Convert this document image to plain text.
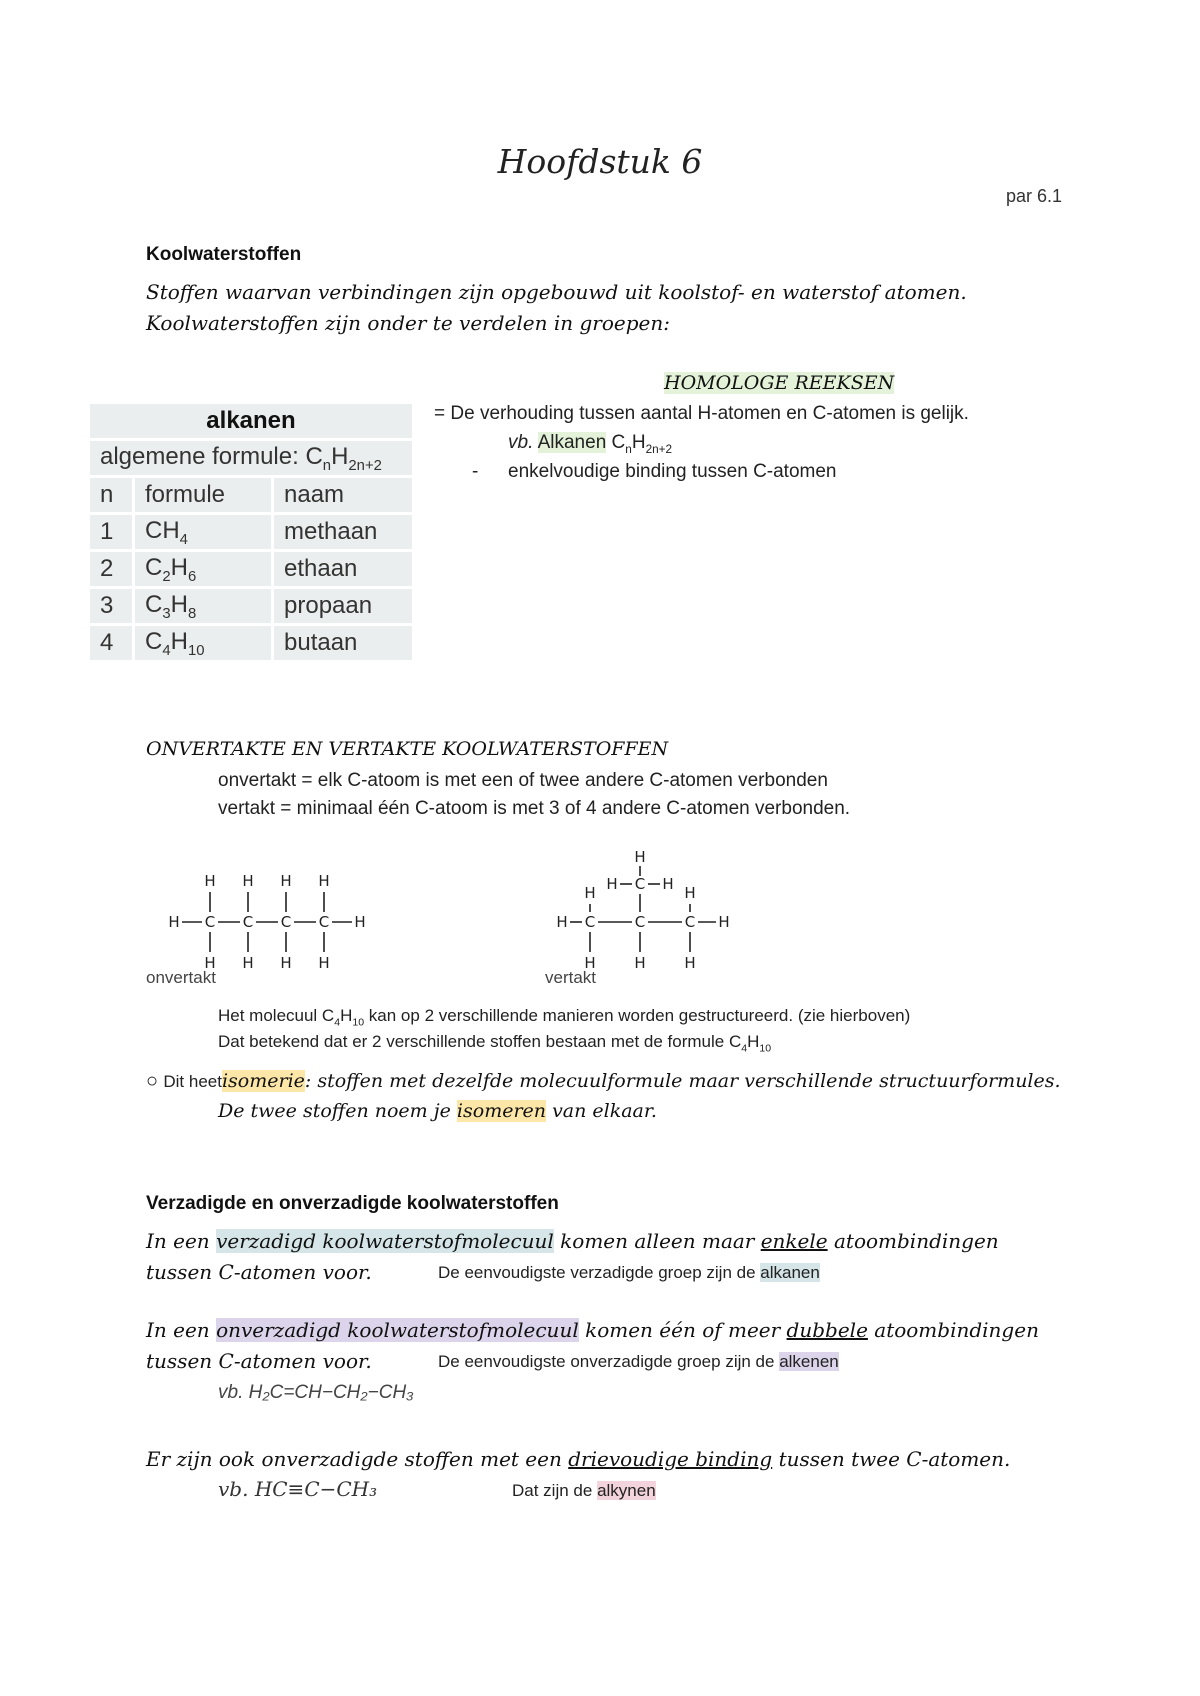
Hoofdstuk 6
par 6.1
Koolwaterstoffen
Stoffen waarvan verbindingen zijn opgebouwd uit koolstof- en waterstof atomen.
Koolwaterstoffen zijn onder te verdelen in groepen:
HOMOLOGE REEKSEN
= De verhouding tussen aantal H-atomen en C-atomen is gelijk.
vb. Alkanen $C_nH_{2n+2}$
- enkelvoudige binding tussen C-atomen
alkanen		
algemene formule: $C_nH_{2n+2}$
n	formule	naam
1	$CH_4$	methaan
2	$C_2H_6$	ethaan
3	$C_3H_8$	propaan
4	$C_4H_{10}$	butaan
ONVERTAKTE EN VERTAKTE KOOLWATERSTOFFEN
onvertakt = elk C-atoom is met een of twee andere C-atomen verbonden
vertakt = minimaal één C-atoom is met 3 of 4 andere C-atomen verbonden.
H C
H
H
C
H
H
C
H
H
C
H
H
H	H C
H
H
C
H
C
H
H
H
C
H
H	H
onvertakt	vertakt
Het molecuul $C_4H_{10}$ kan op 2 verschillende manieren worden gestructureerd. (zie hierboven)
Dat betekend dat er 2 verschillende stoffen bestaan met de formule $C_4H_{10}$
○ Dit heetisomerie: stoffen met dezelfde molecuulformule maar verschillende structuurformules.
De twee stoffen noem je isomeren van elkaar.
Verzadigde en onverzadigde koolwaterstoffen
In een verzadigd koolwaterstofmolecuul komen alleen maar enkele atoombindingen
tussen C-atomen voor.	De eenvoudigste verzadigde groep zijn de alkanen
In een onverzadigd koolwaterstofmolecuul komen één of meer dubbele atoombindingen
tussen C-atomen voor.	De eenvoudigste onverzadigde groep zijn de alkenen
vb. H₂C=CH−CH₂−CH₃
Er zijn ook onverzadigde stoffen met een drievoudige binding tussen twee C-atomen.
vb. HC≡C−CH₃	Dat zijn de alkynen
